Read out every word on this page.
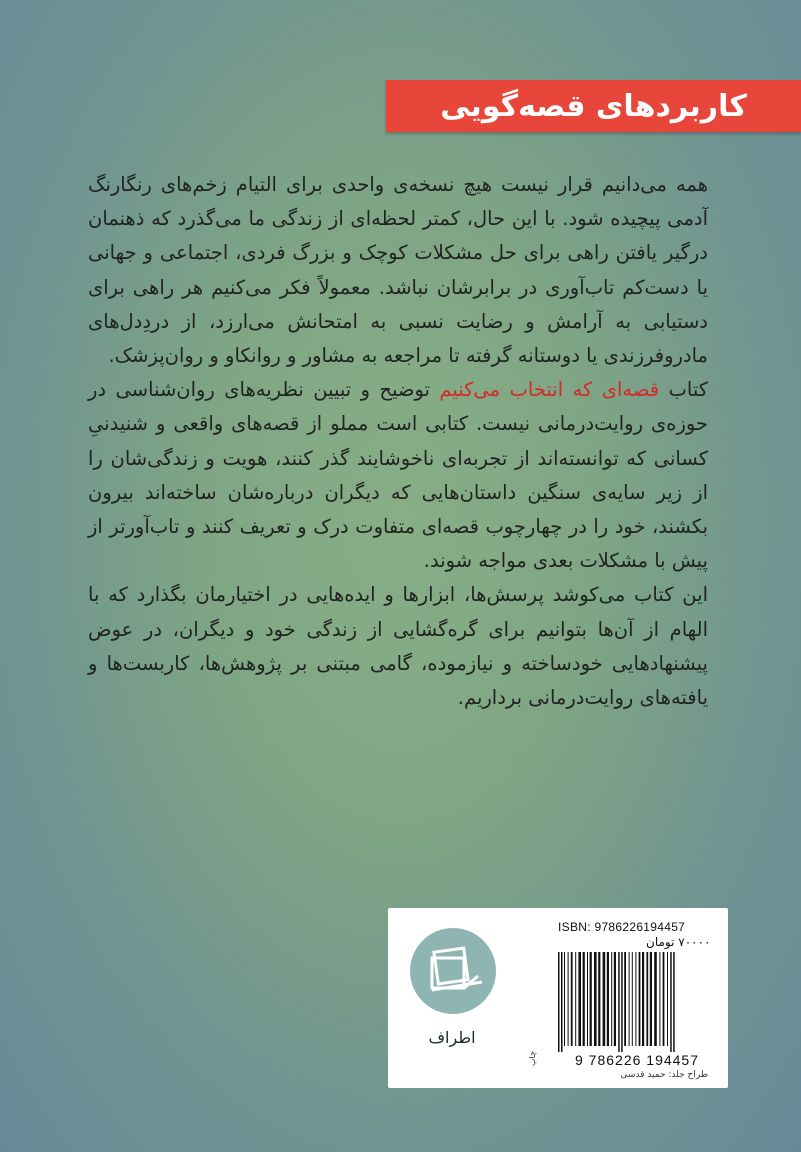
کاربردهای قصه‌گویی

همه می‌دانیم قرار نیست هیچ نسخه‌ی واحدی برای التیام زخم‌های رنگارنگ آدمی پیچیده شود. با این حال، کمتر لحظه‌ای از زندگی ما می‌گذرد که ذهنمان درگیر یافتن راهی برای حل مشکلات کوچک و بزرگ فردی، اجتماعی و جهانی یا دست‌کم تاب‌آوری در برابرشان نباشد. معمولاً فکر می‌کنیم هر راهی برای دستیابی به آرامش و رضایت نسبی به امتحانش می‌ارزد، از دردِدل‌های مادروفرزندی یا دوستانه گرفته تا مراجعه به مشاور و روانکاو و روان‌پزشک.

کتاب قصه‌ای که انتخاب می‌کنیم توضیح و تبیین نظریه‌های روان‌شناسی در حوزه‌ی روایت‌درمانی نیست. کتابی است مملو از قصه‌های واقعی و شنیدنیِ کسانی که توانسته‌اند از تجربه‌ای ناخوشایند گذر کنند، هویت و زندگی‌شان را از زیر سایه‌ی سنگین داستان‌هایی که دیگران دربار‌ه‌شان ساخته‌اند بیرون بکشند، خود را در چهارچوب قصه‌ای متفاوت درک و تعریف کنند و تاب‌آورتر از پیش با مشکلات بعدی مواجه شوند.

این کتاب می‌کوشد پرسش‌ها، ابزارها و ایده‌هایی در اختیارمان بگذارد که با الهام از آن‌ها بتوانیم برای گره‌گشایی از زندگی خود و دیگران، در عوض پیشنهادهایی خودساخته و نیازموده، گامی مبتنی بر پژوهش‌ها، کاربست‌ها و یافته‌های روایت‌درمانی برداریم.

اطراف
ISBN: 9786226194457
۷۰۰۰۰ تومان
9 786226 194457
طراح جلد: حمید قدسی
چاپ
